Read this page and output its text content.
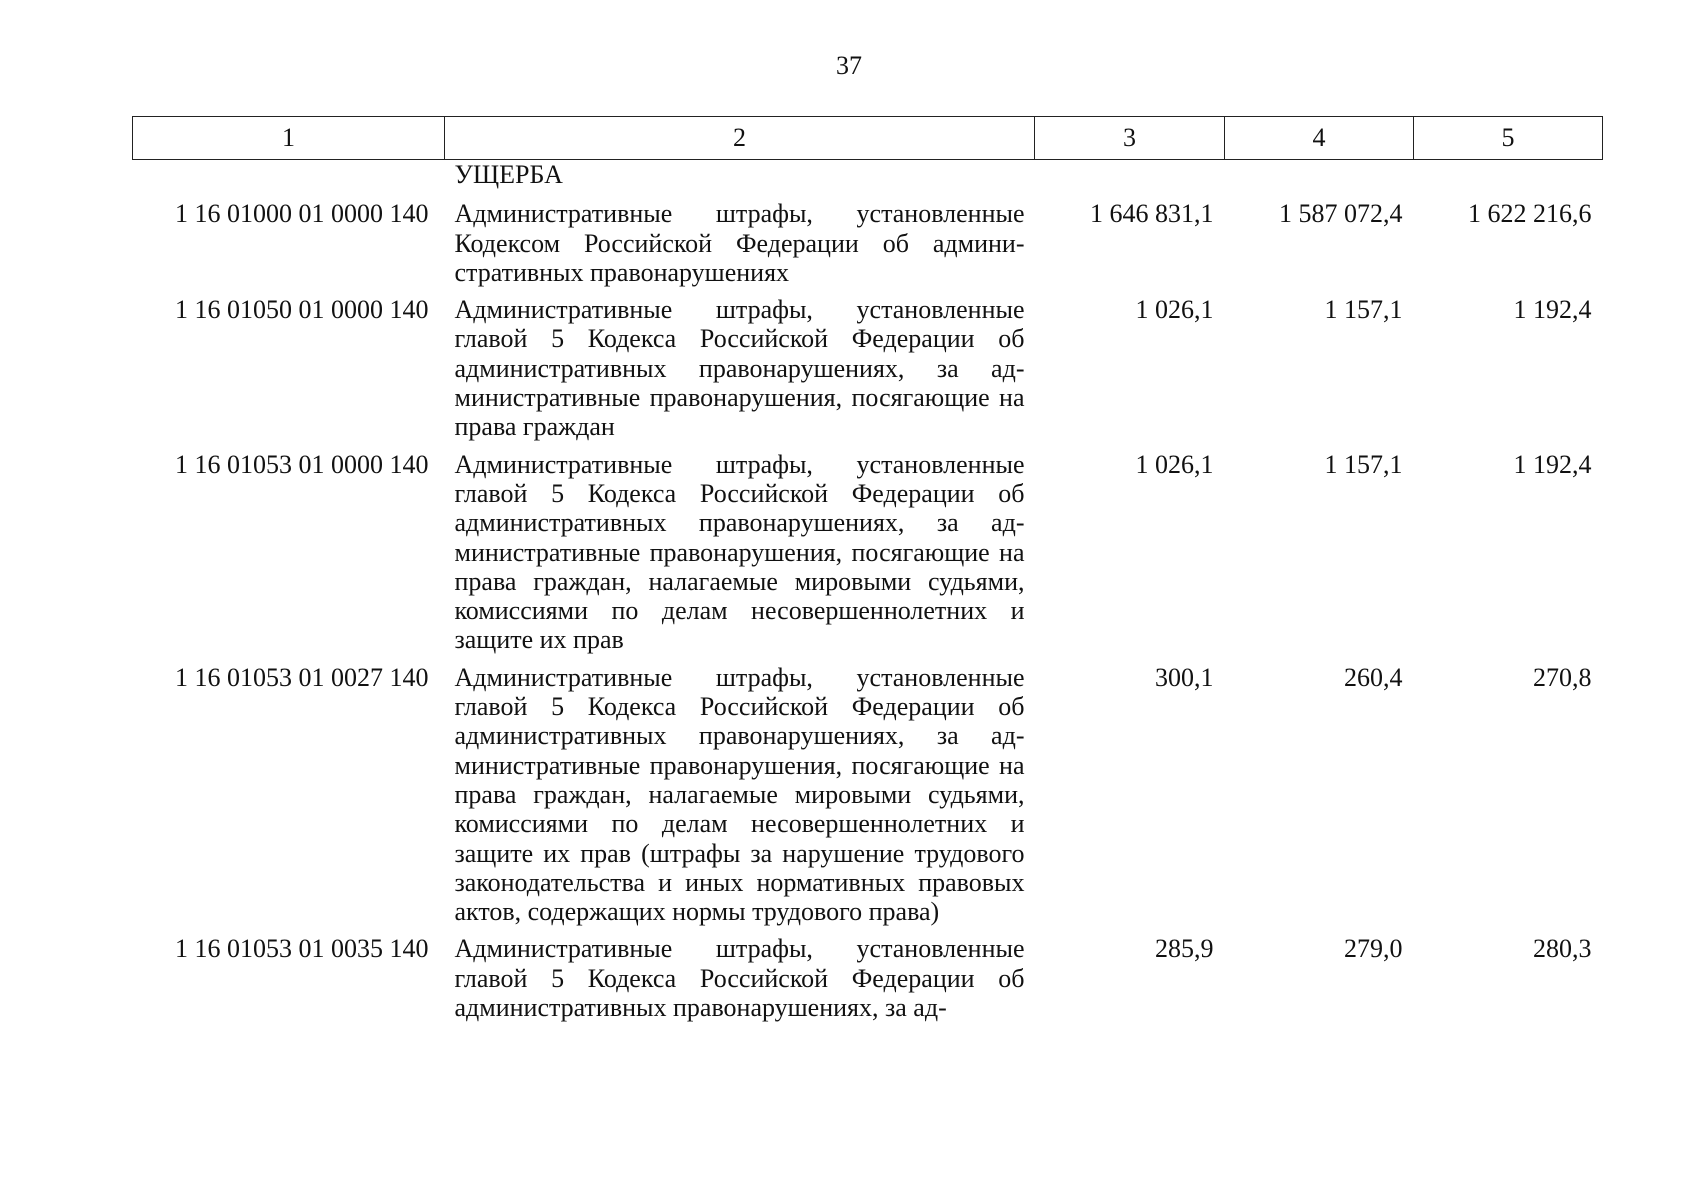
37
1	2	3	4	5
	УЩЕРБА			
1 16 01000 01 0000 140	Административные штрафы, установленные Кодексом Российской Федерации об административных правонарушениях	1 646 831,1	1 587 072,4	1 622 216,6
1 16 01050 01 0000 140	Административные штрафы, установленные главой 5 Кодекса Российской Федерации об административных правонарушениях, за административные правонарушения, посягающие на права граждан	1 026,1	1 157,1	1 192,4
1 16 01053 01 0000 140	Административные штрафы, установленные главой 5 Кодекса Российской Федерации об административных правонарушениях, за административные правонарушения, посягающие на права граждан, налагаемые мировыми судьями, комиссиями по делам несовершеннолетних и защите их прав	1 026,1	1 157,1	1 192,4
1 16 01053 01 0027 140	Административные штрафы, установленные главой 5 Кодекса Российской Федерации об административных правонарушениях, за административные правонарушения, посягающие на права граждан, налагаемые мировыми судьями, комиссиями по делам несовершеннолетних и защите их прав (штрафы за нарушение трудового законодательства и иных нормативных правовых актов, содержащих нормы трудового права)	300,1	260,4	270,8
1 16 01053 01 0035 140	Административные штрафы, установленные главой 5 Кодекса Российской Федерации об административных правонарушениях, за ад-	285,9	279,0	280,3
